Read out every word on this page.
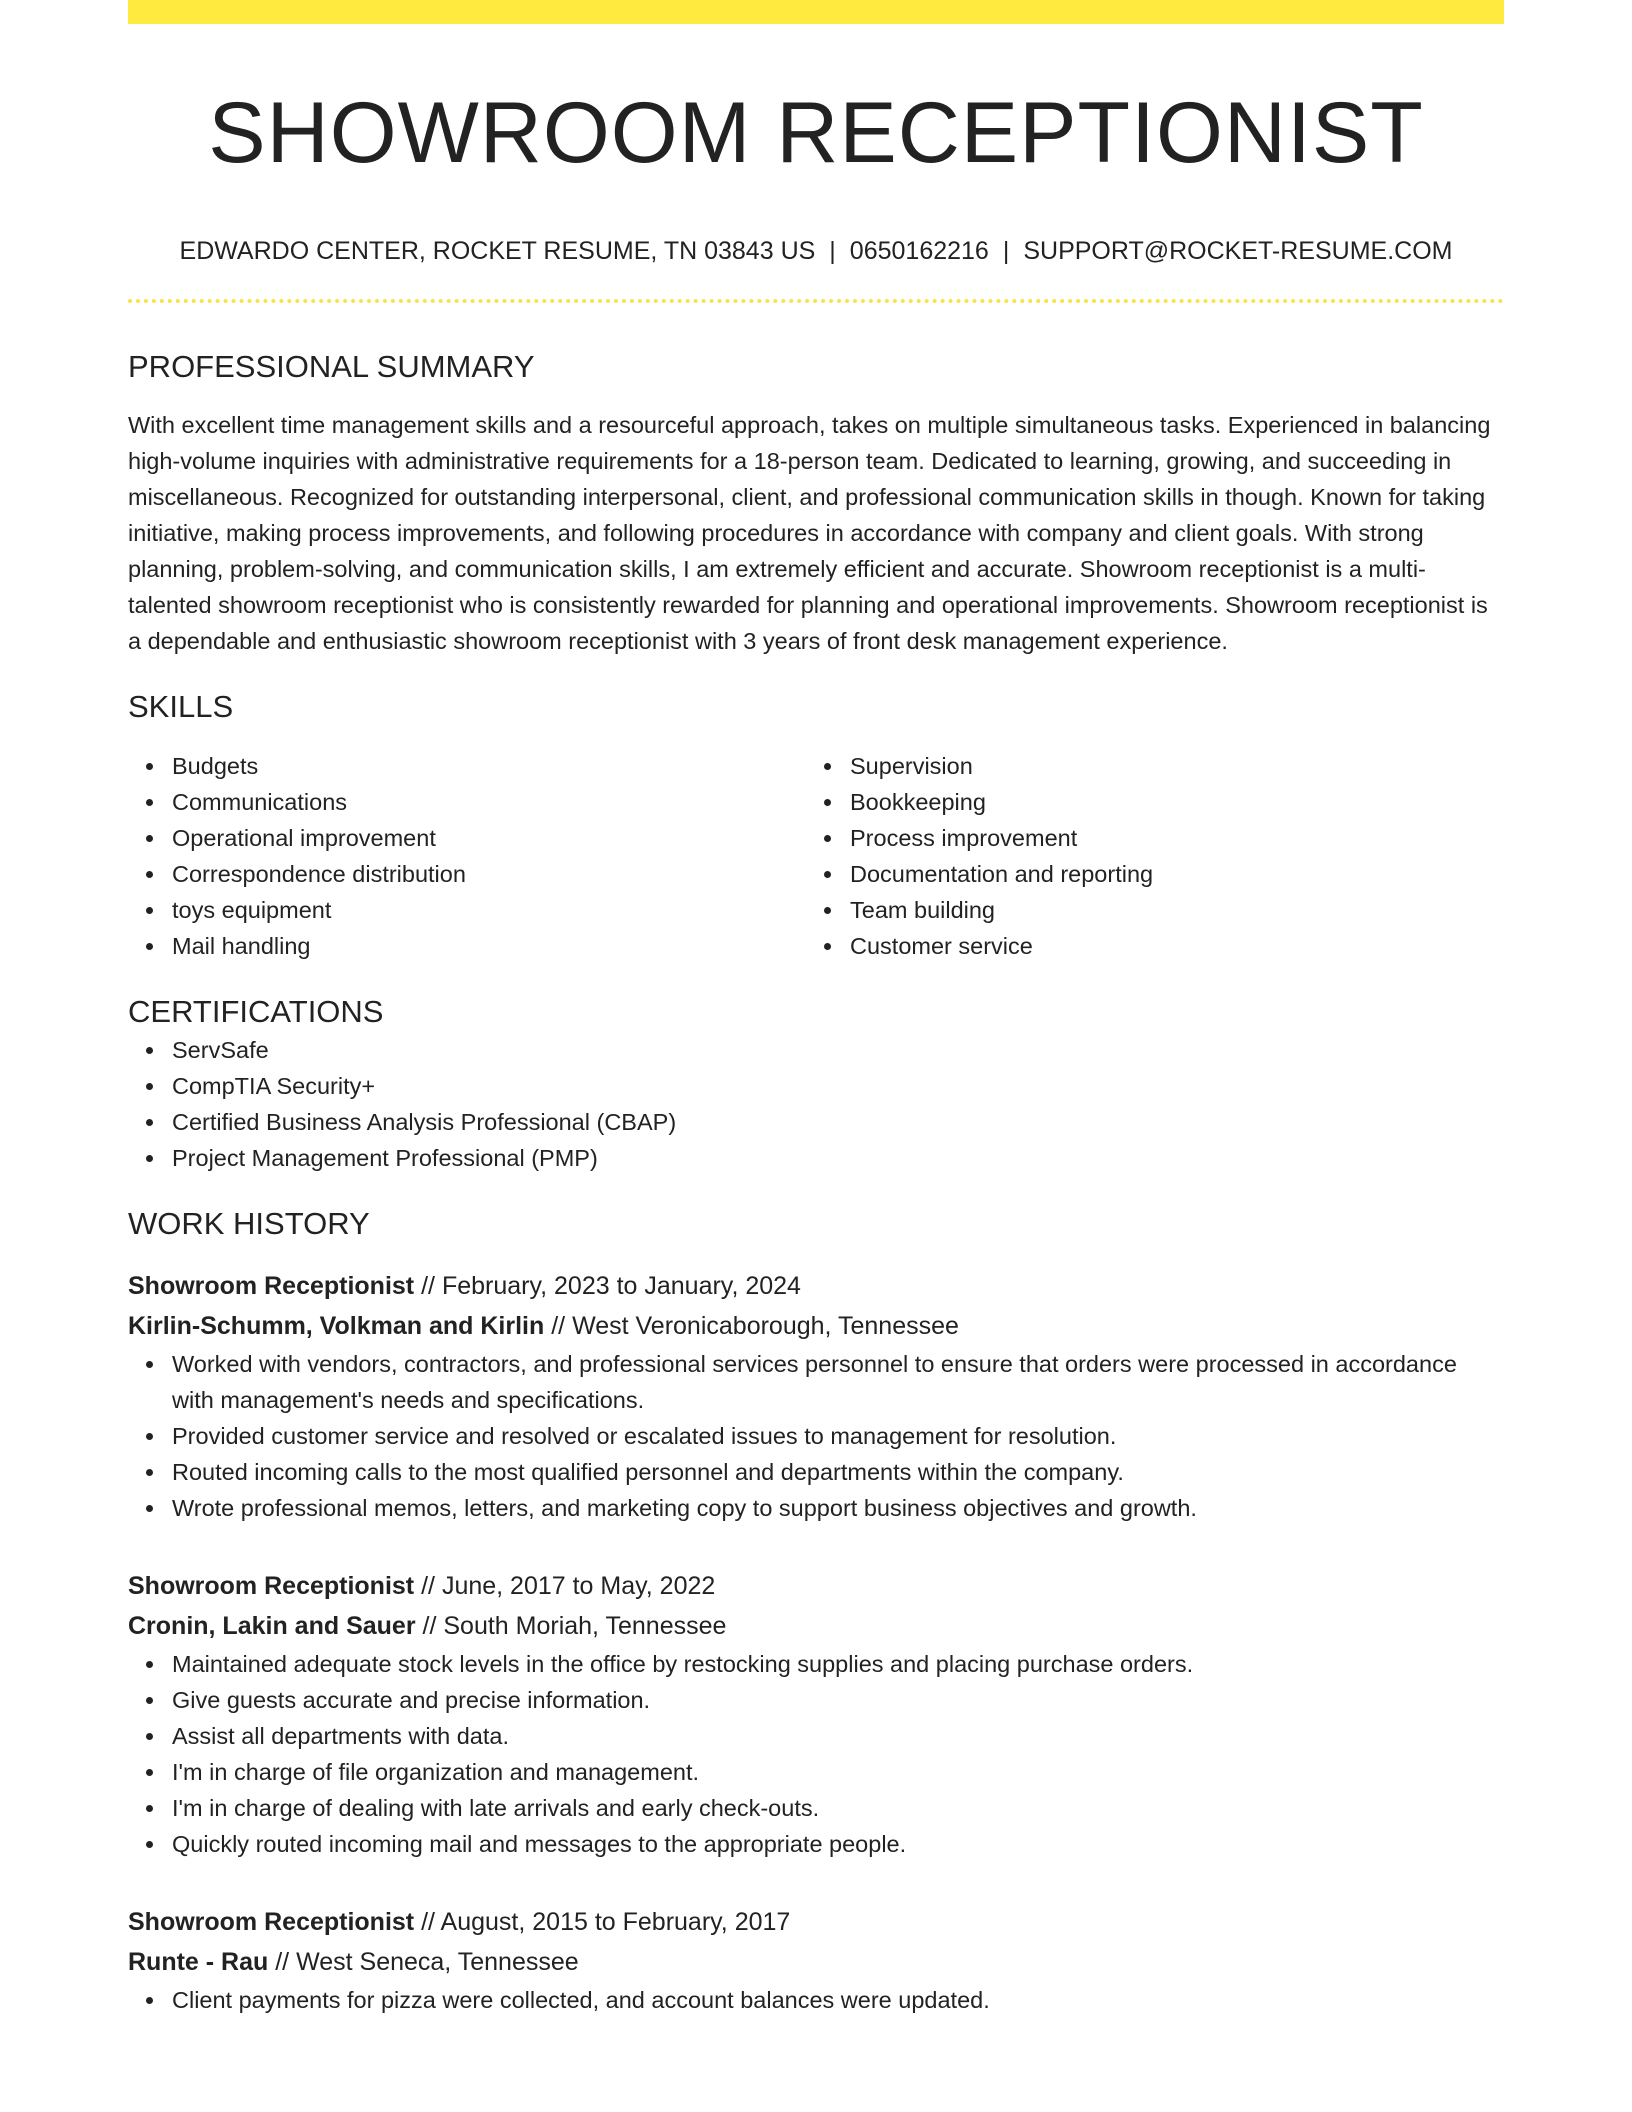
SHOWROOM RECEPTIONIST
EDWARDO CENTER, ROCKET RESUME, TN 03843 US | 0650162216 | SUPPORT@ROCKET-RESUME.COM
PROFESSIONAL SUMMARY
With excellent time management skills and a resourceful approach, takes on multiple simultaneous tasks. Experienced in balancing high-volume inquiries with administrative requirements for a 18-person team. Dedicated to learning, growing, and succeeding in miscellaneous. Recognized for outstanding interpersonal, client, and professional communication skills in though. Known for taking initiative, making process improvements, and following procedures in accordance with company and client goals. With strong planning, problem-solving, and communication skills, I am extremely efficient and accurate. Showroom receptionist is a multi-talented showroom receptionist who is consistently rewarded for planning and operational improvements. Showroom receptionist is a dependable and enthusiastic showroom receptionist with 3 years of front desk management experience.
SKILLS
Budgets
Communications
Operational improvement
Correspondence distribution
toys equipment
Mail handling
Supervision
Bookkeeping
Process improvement
Documentation and reporting
Team building
Customer service
CERTIFICATIONS
ServSafe
CompTIA Security+
Certified Business Analysis Professional (CBAP)
Project Management Professional (PMP)
WORK HISTORY
Showroom Receptionist // February, 2023 to January, 2024
Kirlin-Schumm, Volkman and Kirlin // West Veronicaborough, Tennessee
Worked with vendors, contractors, and professional services personnel to ensure that orders were processed in accordance with management's needs and specifications.
Provided customer service and resolved or escalated issues to management for resolution.
Routed incoming calls to the most qualified personnel and departments within the company.
Wrote professional memos, letters, and marketing copy to support business objectives and growth.
Showroom Receptionist // June, 2017 to May, 2022
Cronin, Lakin and Sauer // South Moriah, Tennessee
Maintained adequate stock levels in the office by restocking supplies and placing purchase orders.
Give guests accurate and precise information.
Assist all departments with data.
I'm in charge of file organization and management.
I'm in charge of dealing with late arrivals and early check-outs.
Quickly routed incoming mail and messages to the appropriate people.
Showroom Receptionist // August, 2015 to February, 2017
Runte - Rau // West Seneca, Tennessee
Client payments for pizza were collected, and account balances were updated.
